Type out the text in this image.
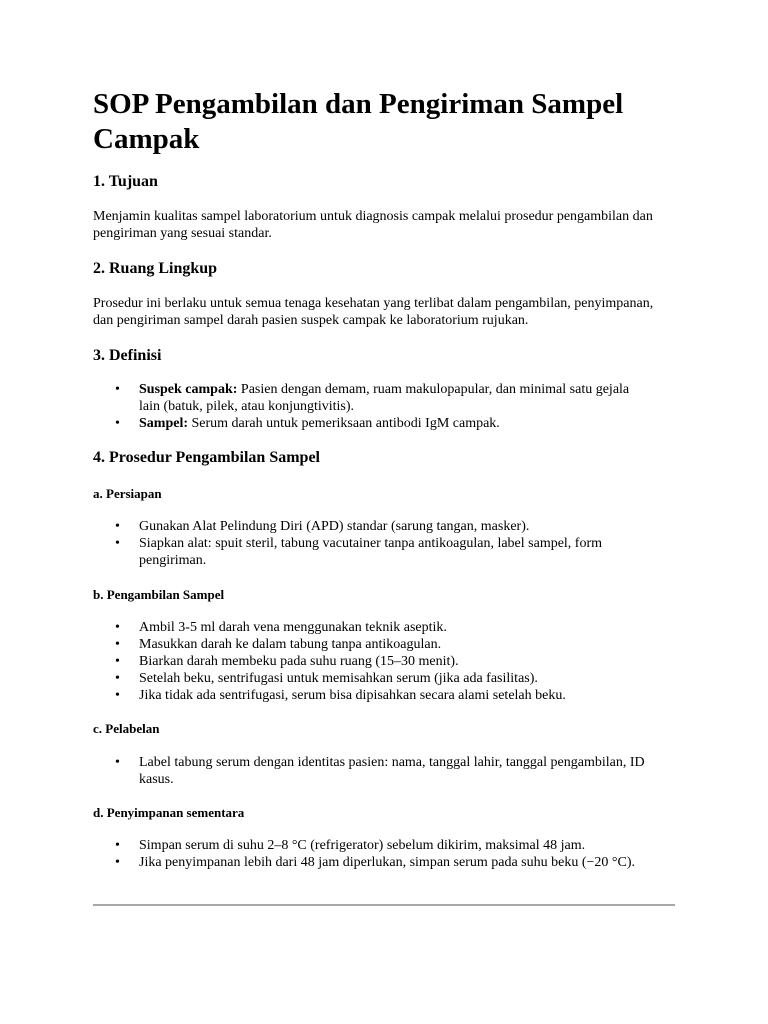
SOP Pengambilan dan Pengiriman Sampel Campak
1. Tujuan

Menjamin kualitas sampel laboratorium untuk diagnosis campak melalui prosedur pengambilan dan pengiriman yang sesuai standar.

2. Ruang Lingkup

Prosedur ini berlaku untuk semua tenaga kesehatan yang terlibat dalam pengambilan, penyimpanan, dan pengiriman sampel darah pasien suspek campak ke laboratorium rujukan.

3. Definisi
• Suspek campak: Pasien dengan demam, ruam makulopapular, dan minimal satu gejala lain (batuk, pilek, atau konjungtivitis).
• Sampel: Serum darah untuk pemeriksaan antibodi IgM campak.
4. Prosedur Pengambilan Sampel
a. Persiapan
• Gunakan Alat Pelindung Diri (APD) standar (sarung tangan, masker).
• Siapkan alat: spuit steril, tabung vacutainer tanpa antikoagulan, label sampel, form pengiriman.
b. Pengambilan Sampel
• Ambil 3-5 ml darah vena menggunakan teknik aseptik.
• Masukkan darah ke dalam tabung tanpa antikoagulan.
• Biarkan darah membeku pada suhu ruang (15–30 menit).
• Setelah beku, sentrifugasi untuk memisahkan serum (jika ada fasilitas).
• Jika tidak ada sentrifugasi, serum bisa dipisahkan secara alami setelah beku.
c. Pelabelan
• Label tabung serum dengan identitas pasien: nama, tanggal lahir, tanggal pengambilan, ID kasus.
d. Penyimpanan sementara
• Simpan serum di suhu 2–8 °C (refrigerator) sebelum dikirim, maksimal 48 jam.
• Jika penyimpanan lebih dari 48 jam diperlukan, simpan serum pada suhu beku (−20 °C).
